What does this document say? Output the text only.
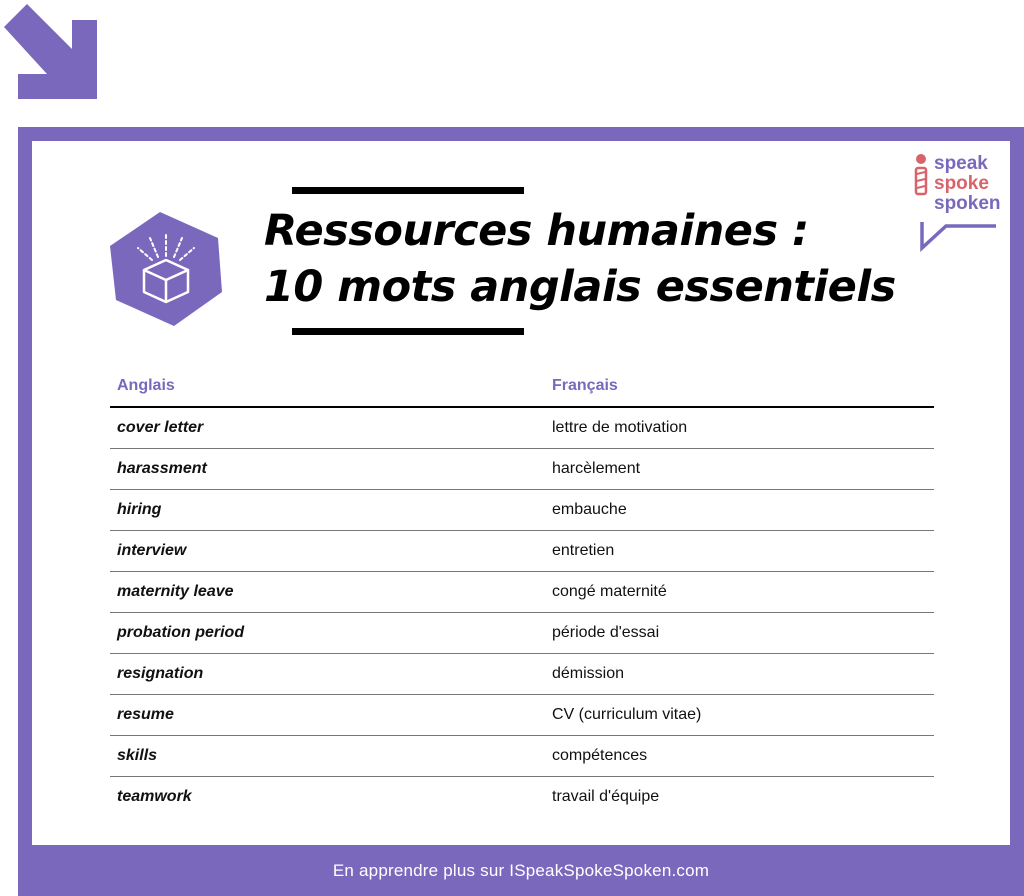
speak
spoke
spoken
Ressources humaines :
10 mots anglais essentiels
Anglais	Français
cover letter	lettre de motivation
harassment	harcèlement
hiring	embauche
interview	entretien
maternity leave	congé maternité
probation period	période d'essai
resignation	démission
resume	CV (curriculum vitae)
skills	compétences
teamwork	travail d'équipe
En apprendre plus sur ISpeakSpokeSpoken.com
